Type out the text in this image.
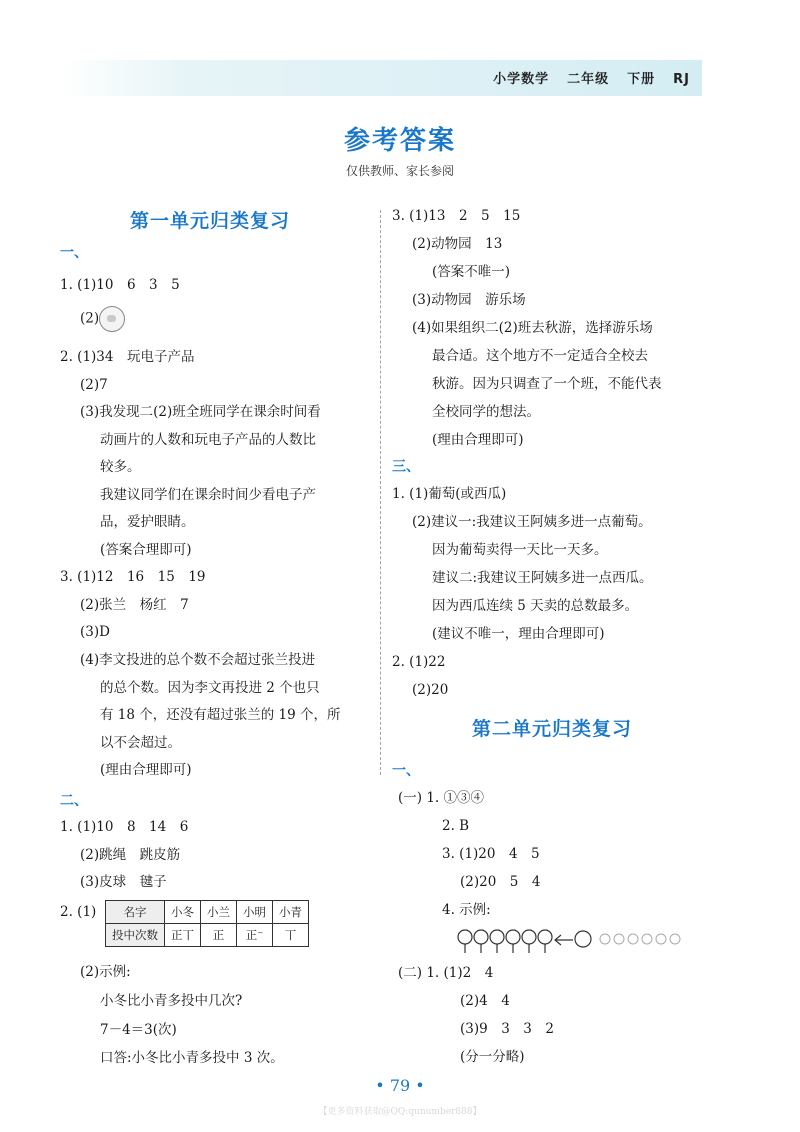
小学数学 二年级 下册 RJ
参考答案
仅供教师、家长参阅
第一单元归类复习
一、
1. (1)10　6　3　5
(2)
2. (1)34　玩电子产品
(2)7
(3)我发现二(2)班全班同学在课余时间看
动画片的人数和玩电子产品的人数比
较多。
我建议同学们在课余时间少看电子产
品，爱护眼睛。
(答案合理即可)
3. (1)12　16　15　19
(2)张兰　杨红　7
(3)D
(4)李文投进的总个数不会超过张兰投进
的总个数。因为李文再投进 2 个也只
有 18 个，还没有超过张兰的 19 个，所
以不会超过。
(理由合理即可)
二、
1. (1)10　8　14　6
(2)跳绳　跳皮筋
(3)皮球　毽子
2. (1) 名字	小冬	小兰	小明	小青
投中次数	正丅	正	正⁻	丅
(2)示例:
小冬比小青多投中几次?
7－4＝3(次)
口答:小冬比小青多投中 3 次。
3. (1)13　2　5　15
(2)动物园　13
(答案不唯一)
(3)动物园　游乐场
(4)如果组织二(2)班去秋游，选择游乐场
最合适。这个地方不一定适合全校去
秋游。因为只调查了一个班，不能代表
全校同学的想法。
(理由合理即可)
三、
1. (1)葡萄(或西瓜)
(2)建议一:我建议王阿姨多进一点葡萄。
因为葡萄卖得一天比一天多。
建议二:我建议王阿姨多进一点西瓜。
因为西瓜连续 5 天卖的总数最多。
(建议不唯一，理由合理即可)
2. (1)22
(2)20
第二单元归类复习
一、
(一) 1. ①③④
2. B
3. (1)20　4　5
(2)20　5　4
4. 示例:
(二) 1. (1)2　4
(2)4　4
(3)9　3　3　2
(分一分略)
• 79 •
【更多资料获取@QQ:qunumber888】
